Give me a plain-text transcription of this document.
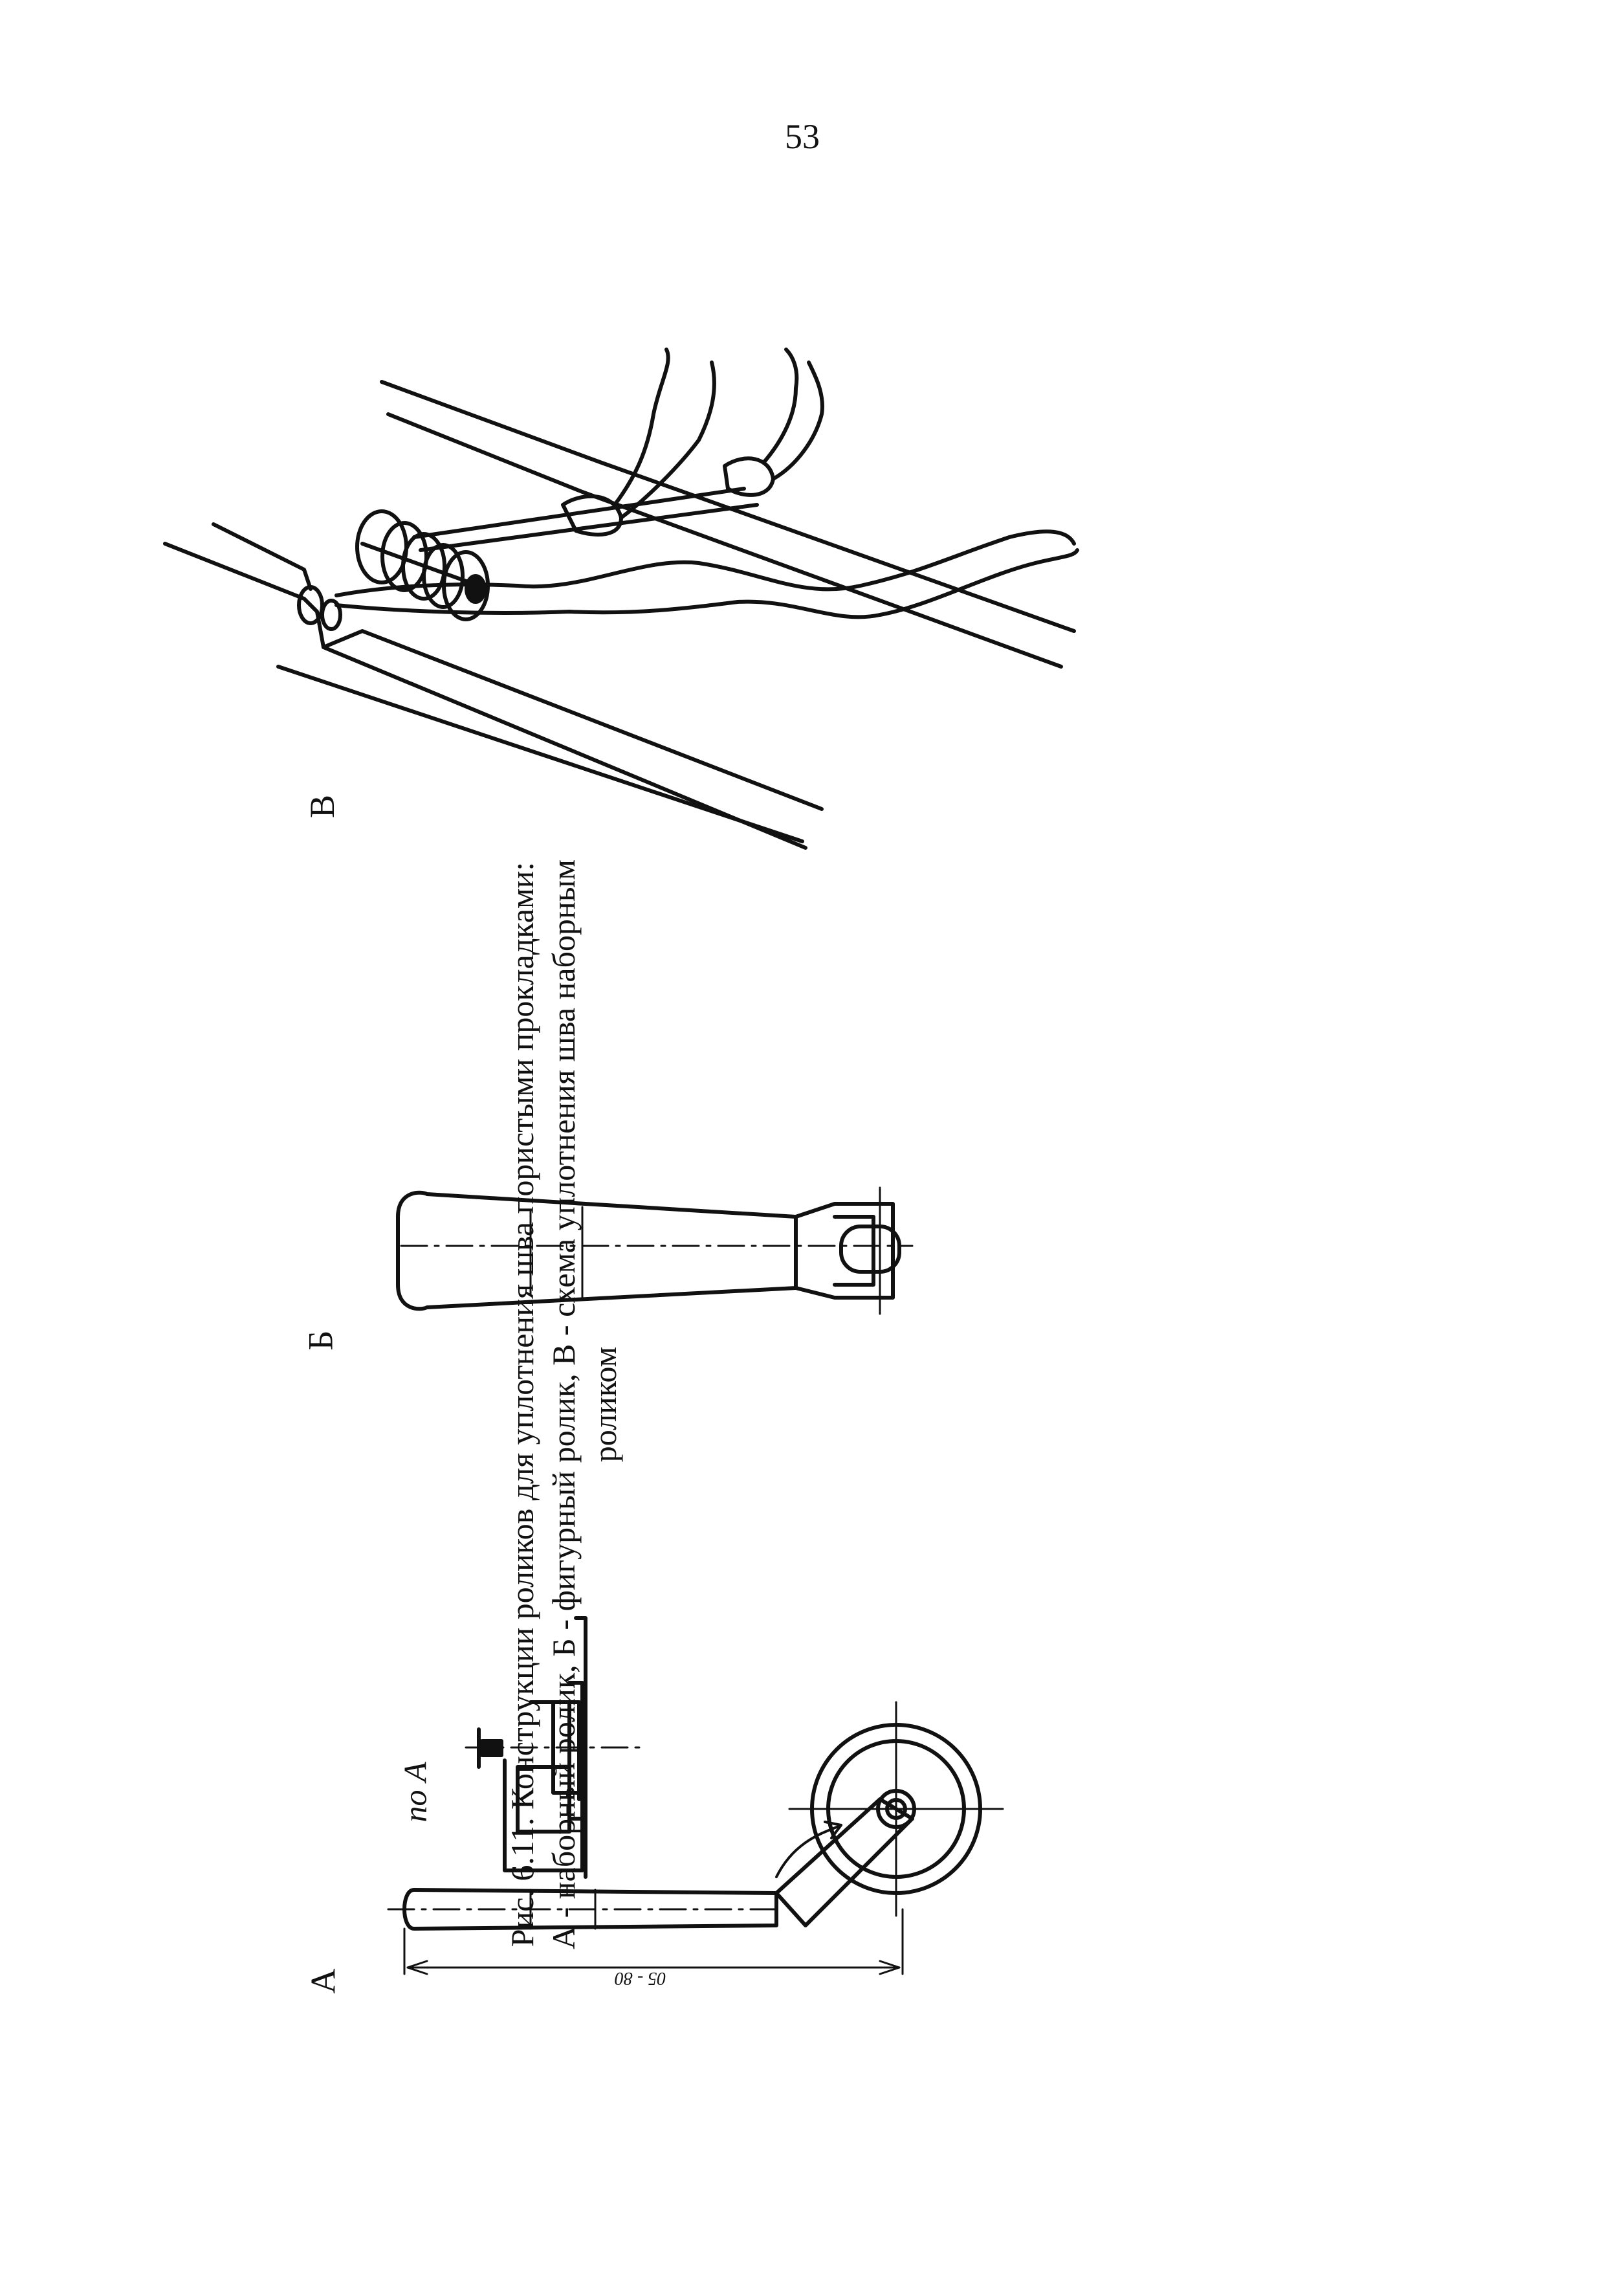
53
В
Б
А
по А
05 - 80
Рис. 6.11. Конструкции роликов для уплотнения шва пористыми прокладками: А - наборный ролик, Б - фигурный ролик, В - схема уплотнения шва наборным роликом
